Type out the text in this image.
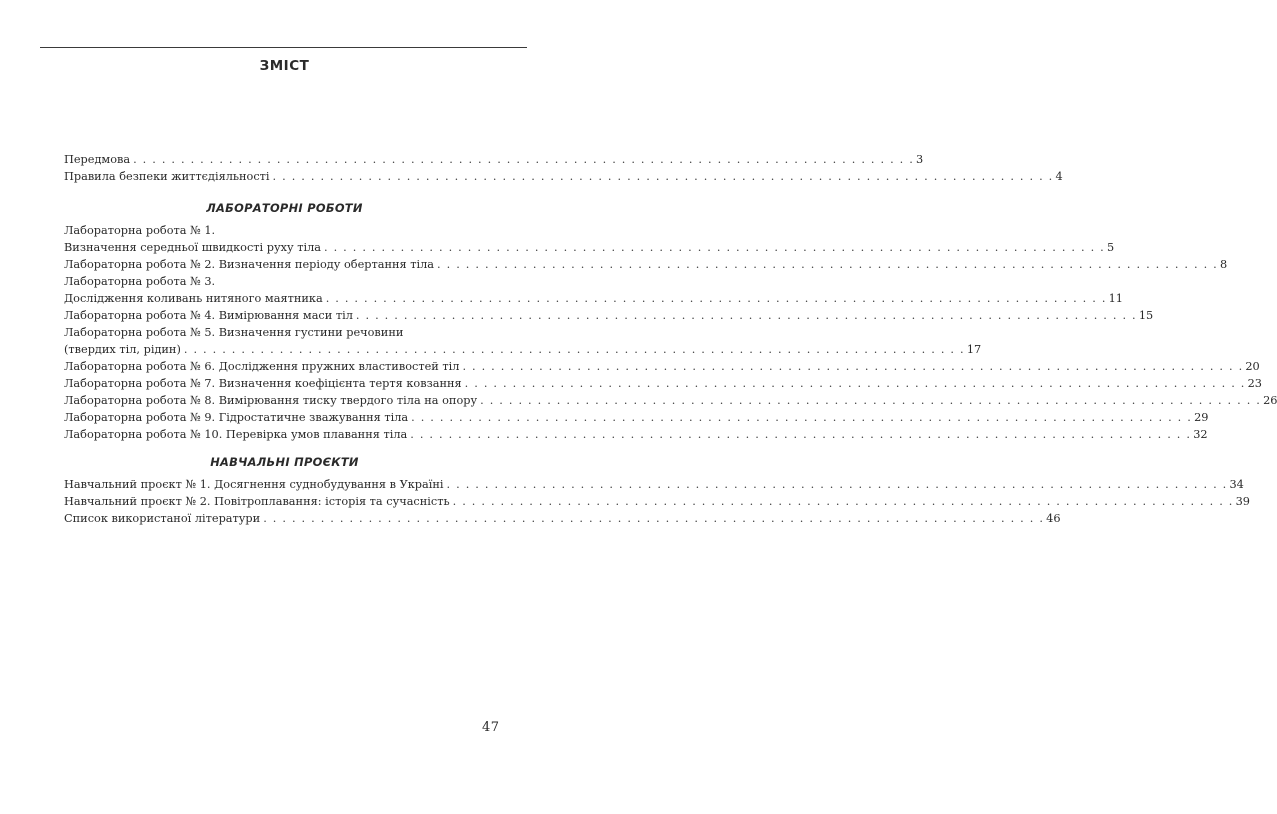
ЗМІСТ
Передмова . . . . . . . . . . . . . . . . . . . . . . . . . . . . . . . . . . . . . . . . . . . . . . . . . . . . . . . . . . . . . . . . . . . . . . . . . . . . . . . . . . 3
Правила безпеки життєдіяльності . . . . . . . . . . . . . . . . . . . . . . . . . . . . . . . . . . . . . . . . . . . . . . . . . . . . . . . . . . . . . . . . . . . . . . . . . . . . . . . . . . 4
ЛАБОРАТОРНІ РОБОТИ
Лабораторна робота № 1.
Визначення середньої швидкості руху тіла . . . . . . . . . . . . . . . . . . . . . . . . . . . . . . . . . . . . . . . . . . . . . . . . . . . . . . . . . . . . . . . . . . . . . . . . . . . . . . . . . . 5
Лабораторна робота № 2. Визначення періоду обертання тіла . . . . . . . . . . . . . . . . . . . . . . . . . . . . . . . . . . . . . . . . . . . . . . . . . . . . . . . . . . . . . . . . . . . . . . . . . . . . . . . . . . 8
Лабораторна робота № 3.
Дослідження коливань нитяного маятника . . . . . . . . . . . . . . . . . . . . . . . . . . . . . . . . . . . . . . . . . . . . . . . . . . . . . . . . . . . . . . . . . . . . . . . . . . . . . . . . . . 11
Лабораторна робота № 4. Вимірювання маси тіл . . . . . . . . . . . . . . . . . . . . . . . . . . . . . . . . . . . . . . . . . . . . . . . . . . . . . . . . . . . . . . . . . . . . . . . . . . . . . . . . . . 15
Лабораторна робота № 5. Визначення густини речовини
(твердих тіл, рідин) . . . . . . . . . . . . . . . . . . . . . . . . . . . . . . . . . . . . . . . . . . . . . . . . . . . . . . . . . . . . . . . . . . . . . . . . . . . . . . . . . . 17
Лабораторна робота № 6. Дослідження пружних властивостей тіл . . . . . . . . . . . . . . . . . . . . . . . . . . . . . . . . . . . . . . . . . . . . . . . . . . . . . . . . . . . . . . . . . . . . . . . . . . . . . . . . . . 20
Лабораторна робота № 7. Визначення коефіцієнта тертя ковзання . . . . . . . . . . . . . . . . . . . . . . . . . . . . . . . . . . . . . . . . . . . . . . . . . . . . . . . . . . . . . . . . . . . . . . . . . . . . . . . . . . 23
Лабораторна робота № 8. Вимірювання тиску твердого тіла на опору . . . . . . . . . . . . . . . . . . . . . . . . . . . . . . . . . . . . . . . . . . . . . . . . . . . . . . . . . . . . . . . . . . . . . . . . . . . . . . . . . . 26
Лабораторна робота № 9. Гідростатичне зважування тіла . . . . . . . . . . . . . . . . . . . . . . . . . . . . . . . . . . . . . . . . . . . . . . . . . . . . . . . . . . . . . . . . . . . . . . . . . . . . . . . . . . 29
Лабораторна робота № 10. Перевірка умов плавання тіла . . . . . . . . . . . . . . . . . . . . . . . . . . . . . . . . . . . . . . . . . . . . . . . . . . . . . . . . . . . . . . . . . . . . . . . . . . . . . . . . . . 32
НАВЧАЛЬНІ ПРОЄКТИ
Навчальний проєкт № 1. Досягнення суднобудування в Україні . . . . . . . . . . . . . . . . . . . . . . . . . . . . . . . . . . . . . . . . . . . . . . . . . . . . . . . . . . . . . . . . . . . . . . . . . . . . . . . . . . 34
Навчальний проєкт № 2. Повітроплавання: історія та сучасність . . . . . . . . . . . . . . . . . . . . . . . . . . . . . . . . . . . . . . . . . . . . . . . . . . . . . . . . . . . . . . . . . . . . . . . . . . . . . . . . . . 39
Список використаної літератури . . . . . . . . . . . . . . . . . . . . . . . . . . . . . . . . . . . . . . . . . . . . . . . . . . . . . . . . . . . . . . . . . . . . . . . . . . . . . . . . . . 46
47
